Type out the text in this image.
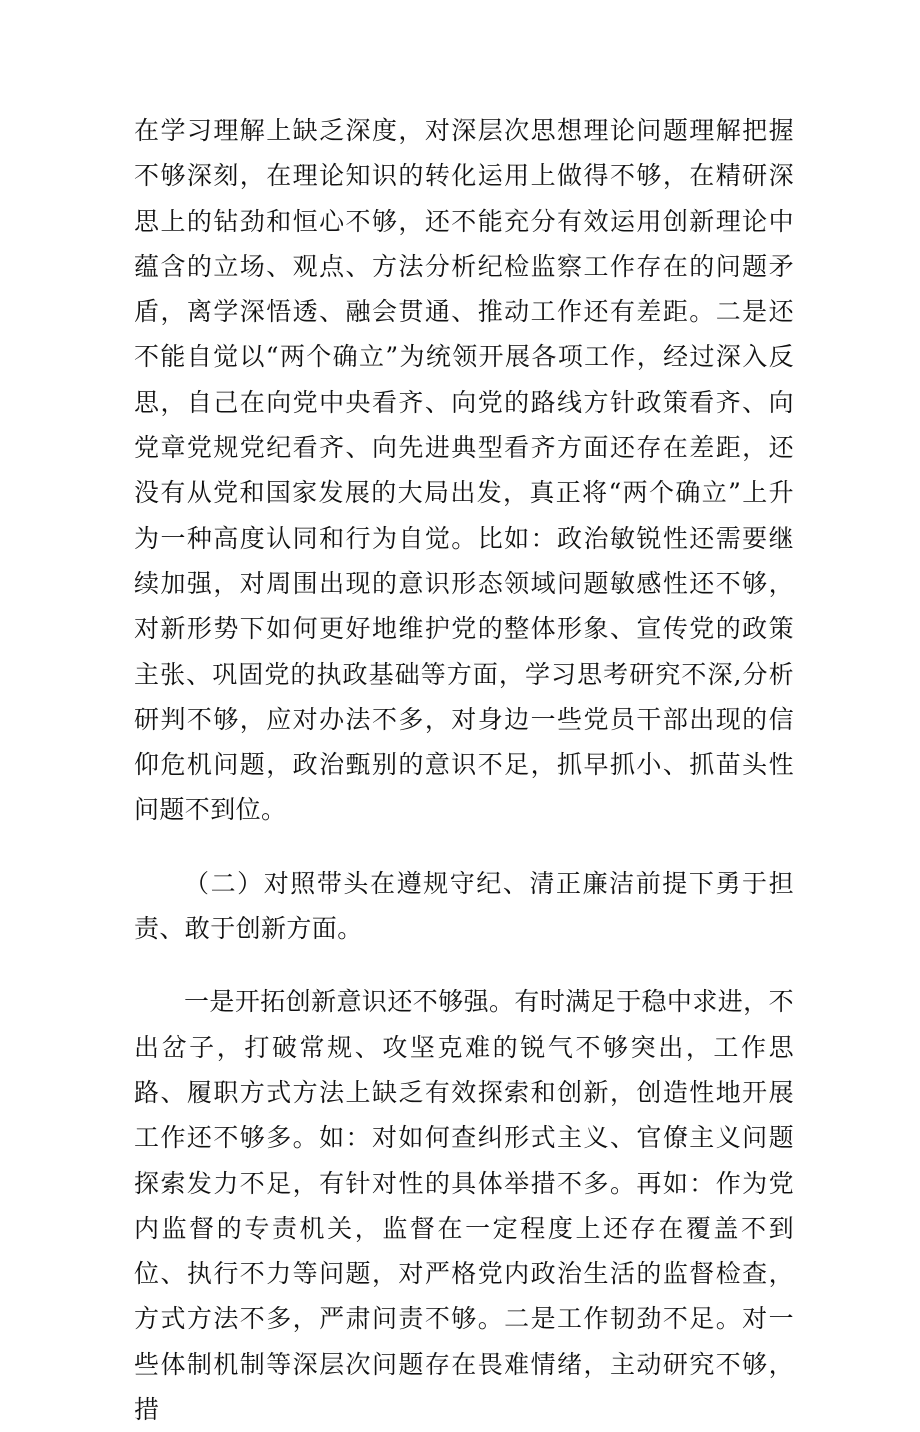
在学习理解上缺乏深度，对深层次思想理论问题理解把握不够深刻，在理论知识的转化运用上做得不够，在精研深思上的钻劲和恒心不够，还不能充分有效运用创新理论中蕴含的立场、观点、方法分析纪检监察工作存在的问题矛盾，离学深悟透、融会贯通、推动工作还有差距。二是还不能自觉以“两个确立”为统领开展各项工作，经过深入反思，自己在向党中央看齐、向党的路线方针政策看齐、向党章党规党纪看齐、向先进典型看齐方面还存在差距，还没有从党和国家发展的大局出发，真正将“两个确立”上升为一种高度认同和行为自觉。比如：政治敏锐性还需要继续加强，对周围出现的意识形态领域问题敏感性还不够，对新形势下如何更好地维护党的整体形象、宣传党的政策主张、巩固党的执政基础等方面，学习思考研究不深,分析研判不够，应对办法不多，对身边一些党员干部出现的信仰危机问题，政治甄别的意识不足，抓早抓小、抓苗头性问题不到位。

（二）对照带头在遵规守纪、清正廉洁前提下勇于担责、敢于创新方面。

一是开拓创新意识还不够强。有时满足于稳中求进，不出岔子，打破常规、攻坚克难的锐气不够突出，工作思路、履职方式方法上缺乏有效探索和创新，创造性地开展工作还不够多。如：对如何查纠形式主义、官僚主义问题探索发力不足，有针对性的具体举措不多。再如：作为党内监督的专责机关，监督在一定程度上还存在覆盖不到位、执行不力等问题，对严格党内政治生活的监督检查，方式方法不多，严肃问责不够。二是工作韧劲不足。对一些体制机制等深层次问题存在畏难情绪，主动研究不够，措
